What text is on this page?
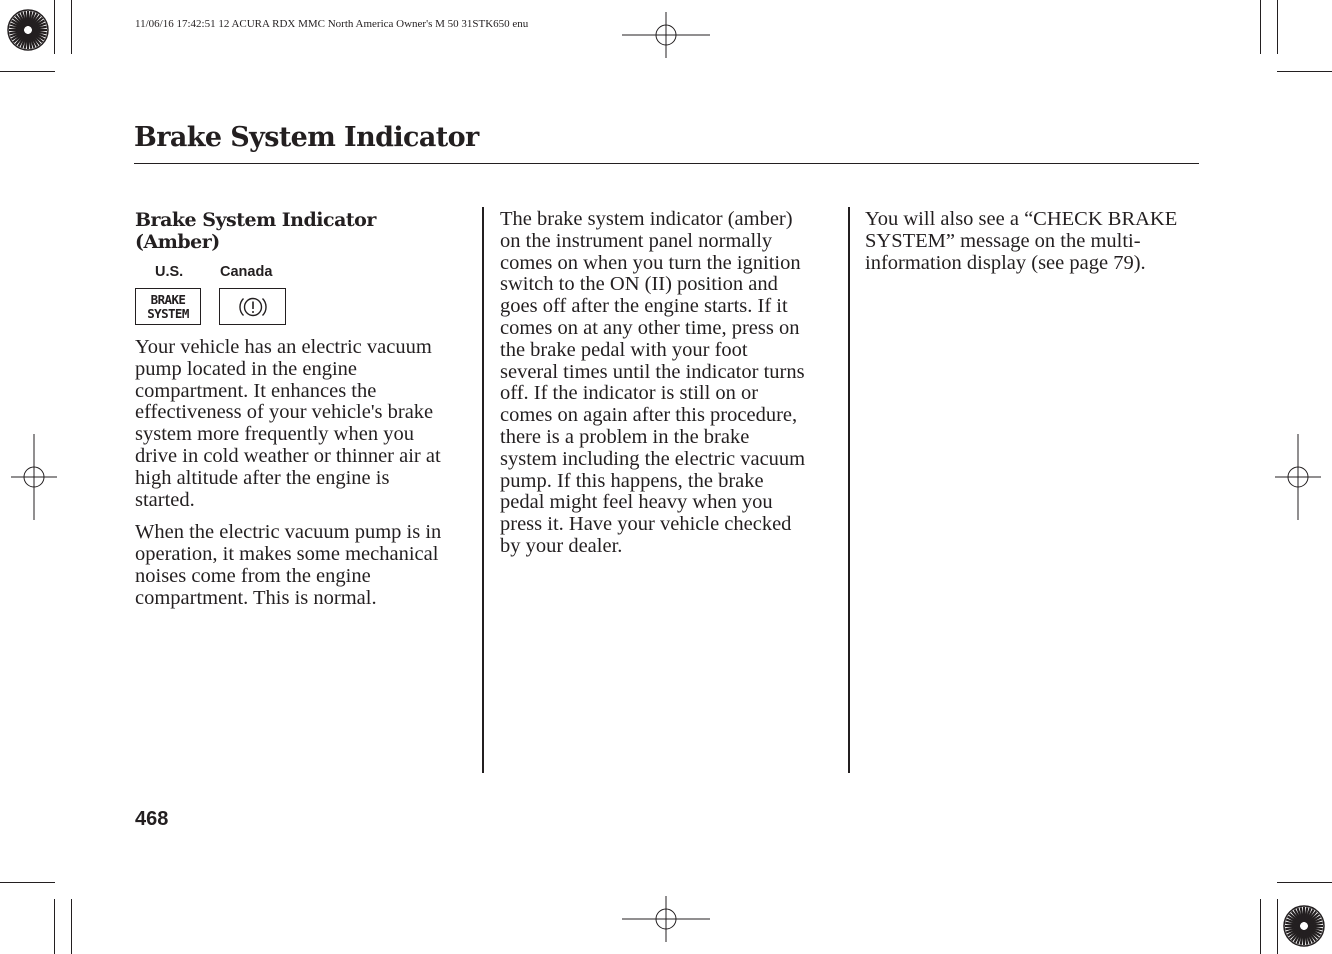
11/06/16 17:42:51 12 ACURA RDX MMC North America Owner's M 50 31STK650 enu
Brake System Indicator
Brake System Indicator
(Amber)
U.S.	Canada
BRAKE
SYSTEM

Your vehicle has an electric vacuum
pump located in the engine
compartment. It enhances the
effectiveness of your vehicle's brake
system more frequently when you
drive in cold weather or thinner air at
high altitude after the engine is
started.

When the electric vacuum pump is in
operation, it makes some mechanical
noises come from the engine
compartment. This is normal.

The brake system indicator (amber)
on the instrument panel normally
comes on when you turn the ignition
switch to the ON (II) position and
goes off after the engine starts. If it
comes on at any other time, press on
the brake pedal with your foot
several times until the indicator turns
off. If the indicator is still on or
comes on again after this procedure,
there is a problem in the brake
system including the electric vacuum
pump. If this happens, the brake
pedal might feel heavy when you
press it. Have your vehicle checked
by your dealer.

You will also see a “CHECK BRAKE
SYSTEM” message on the multi-
information display (see page 79).

468
